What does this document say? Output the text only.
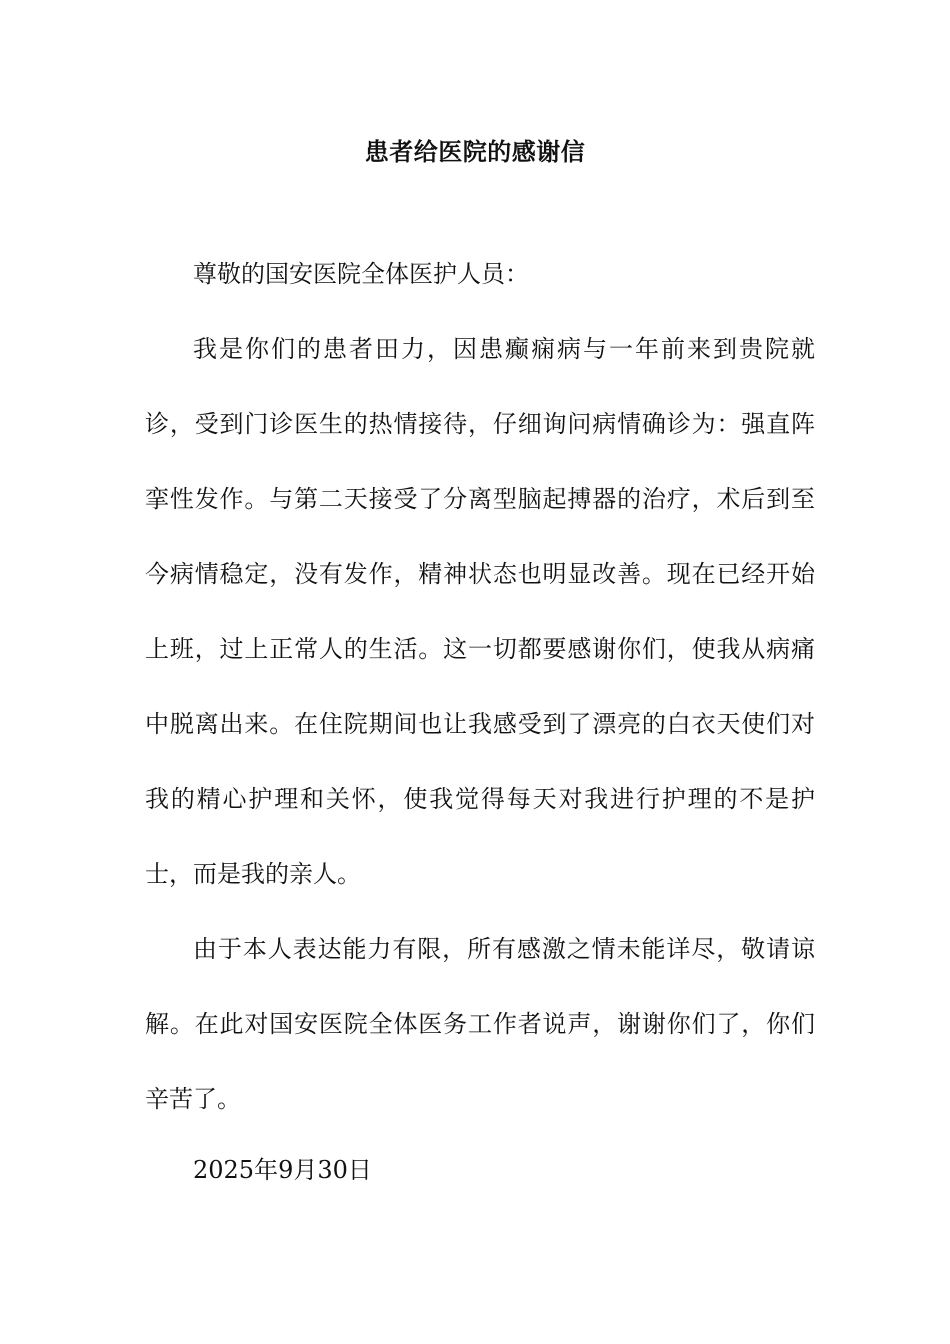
患者给医院的感谢信

尊敬的国安医院全体医护人员：

我是你们的患者田力，因患癫痫病与一年前来到贵院就诊，受到门诊医生的热情接待，仔细询问病情确诊为：强直阵挛性发作。与第二天接受了分离型脑起搏器的治疗，术后到至今病情稳定，没有发作，精神状态也明显改善。现在已经开始上班，过上正常人的生活。这一切都要感谢你们，使我从病痛中脱离出来。在住院期间也让我感受到了漂亮的白衣天使们对我的精心护理和关怀，使我觉得每天对我进行护理的不是护士，而是我的亲人。

由于本人表达能力有限，所有感激之情未能详尽，敬请谅解。在此对国安医院全体医务工作者说声，谢谢你们了，你们辛苦了。

2025年9月30日
